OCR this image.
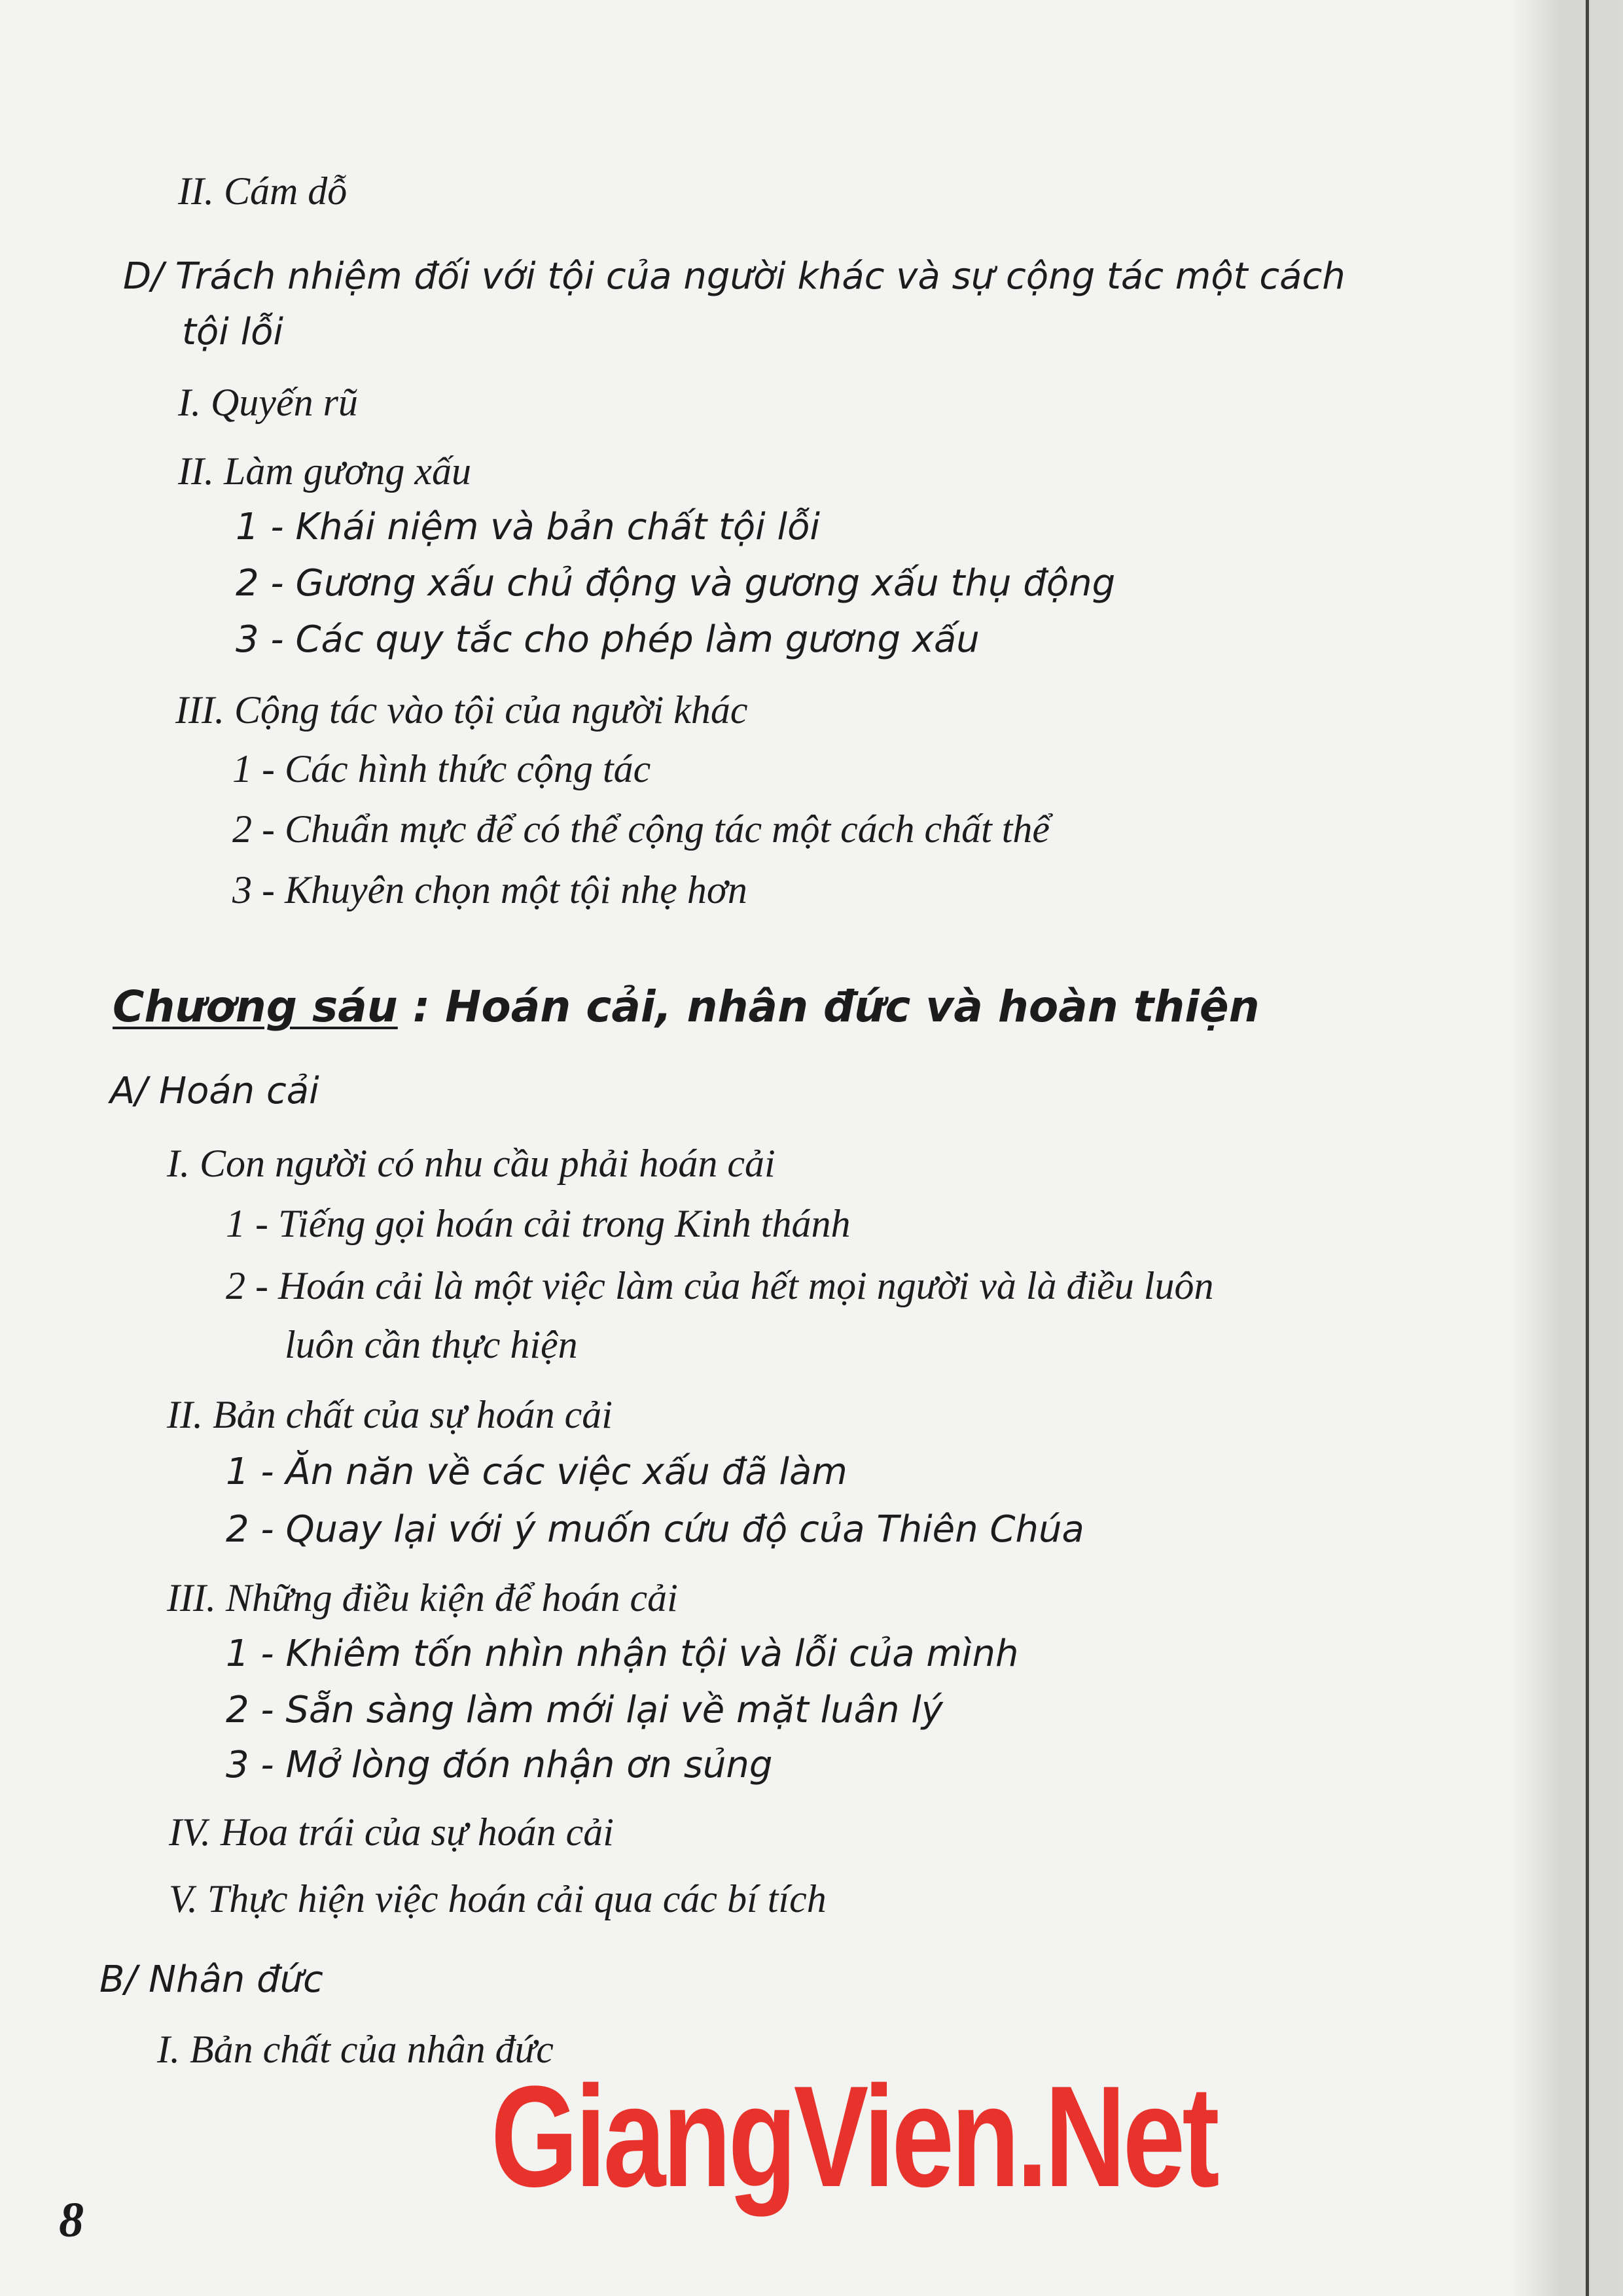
II. Cám dỗ
D/ Trách nhiệm đối với tội của người khác và sự cộng tác một cách
tội lỗi
I. Quyến rũ
II. Làm gương xấu
1 - Khái niệm và bản chất tội lỗi
2 - Gương xấu chủ động và gương xấu thụ động
3 - Các quy tắc cho phép làm gương xấu
III. Cộng tác vào tội của người khác
1 - Các hình thức cộng tác
2 - Chuẩn mực để có thể cộng tác một cách chất thể
3 - Khuyên chọn một tội nhẹ hơn
Chương sáu : Hoán cải, nhân đức và hoàn thiện
A/ Hoán cải
I. Con người có nhu cầu phải hoán cải
1 - Tiếng gọi hoán cải trong Kinh thánh
2 - Hoán cải là một việc làm của hết mọi người và là điều luôn
luôn cần thực hiện
II. Bản chất của sự hoán cải
1 - Ăn năn về các việc xấu đã làm
2 - Quay lại với ý muốn cứu độ của Thiên Chúa
III. Những điều kiện để hoán cải
1 - Khiêm tốn nhìn nhận tội và lỗi của mình
2 - Sẵn sàng làm mới lại về mặt luân lý
3 - Mở lòng đón nhận ơn sủng
IV. Hoa trái của sự hoán cải
V. Thực hiện việc hoán cải qua các bí tích
B/ Nhân đức
I. Bản chất của nhân đức
GiangVien.Net
8
